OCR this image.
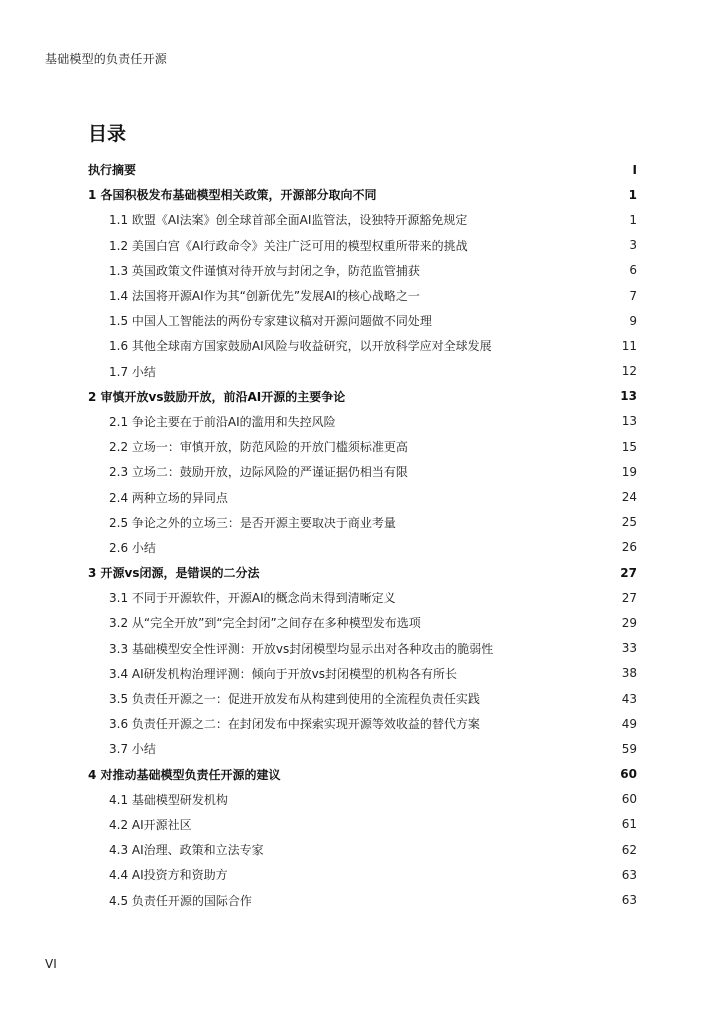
基础模型的负责任开源
目录
执行摘要	I
1 各国积极发布基础模型相关政策，开源部分取向不同	1
1.1 欧盟《AI法案》创全球首部全面AI监管法，设独特开源豁免规定	1
1.2 美国白宫《AI行政命令》关注广泛可用的模型权重所带来的挑战	3
1.3 英国政策文件谨慎对待开放与封闭之争，防范监管捕获	6
1.4 法国将开源AI作为其“创新优先”发展AI的核心战略之一	7
1.5 中国人工智能法的两份专家建议稿对开源问题做不同处理	9
1.6 其他全球南方国家鼓励AI风险与收益研究，以开放科学应对全球发展	11
1.7 小结	12
2 审慎开放vs鼓励开放，前沿AI开源的主要争论	13
2.1 争论主要在于前沿AI的滥用和失控风险	13
2.2 立场一：审慎开放，防范风险的开放门槛须标准更高	15
2.3 立场二：鼓励开放，边际风险的严谨证据仍相当有限	19
2.4 两种立场的异同点	24
2.5 争论之外的立场三：是否开源主要取决于商业考量	25
2.6 小结	26
3 开源vs闭源，是错误的二分法	27
3.1 不同于开源软件，开源AI的概念尚未得到清晰定义	27
3.2 从“完全开放”到“完全封闭”之间存在多种模型发布选项	29
3.3 基础模型安全性评测：开放vs封闭模型均显示出对各种攻击的脆弱性	33
3.4 AI研发机构治理评测：倾向于开放vs封闭模型的机构各有所长	38
3.5 负责任开源之一：促进开放发布从构建到使用的全流程负责任实践	43
3.6 负责任开源之二：在封闭发布中探索实现开源等效收益的替代方案	49
3.7 小结	59
4 对推动基础模型负责任开源的建议	60
4.1 基础模型研发机构	60
4.2 AI开源社区	61
4.3 AI治理、政策和立法专家	62
4.4 AI投资方和资助方	63
4.5 负责任开源的国际合作	63
VI
